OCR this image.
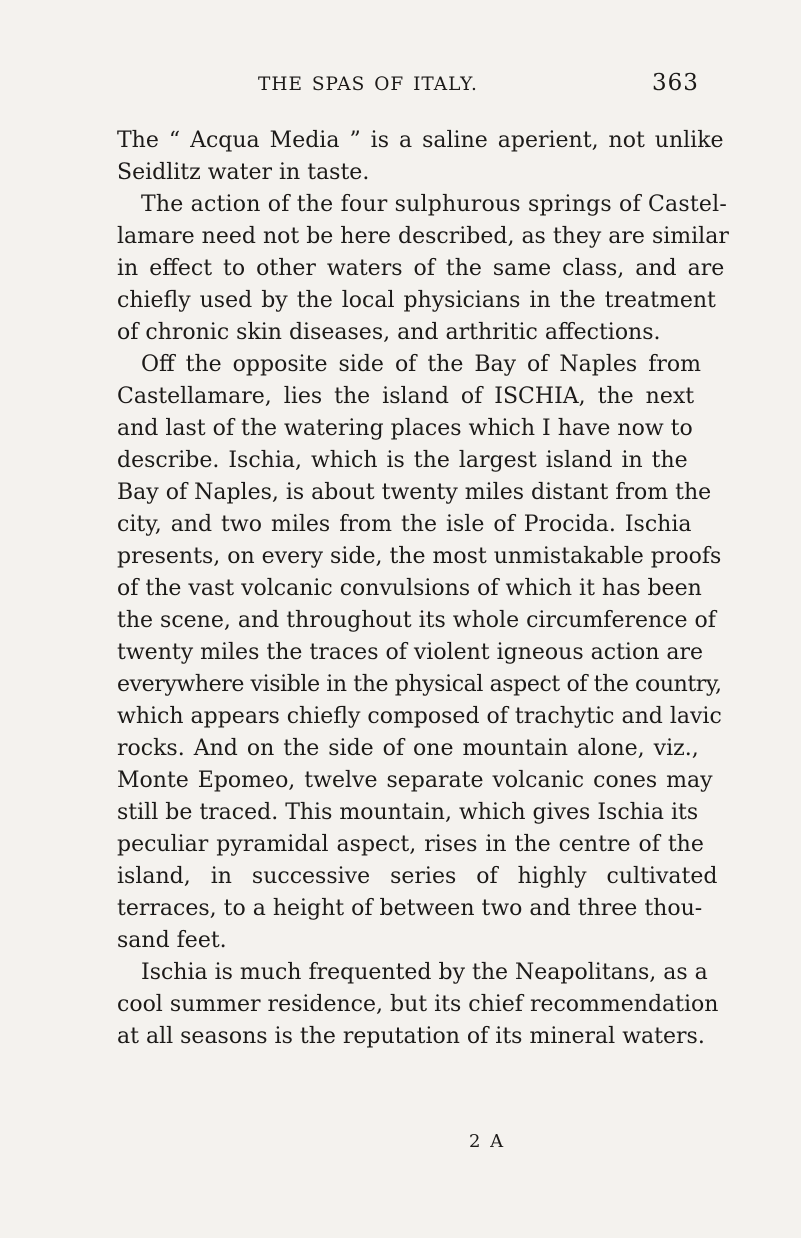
THE SPAS OF ITALY.	363
The “ Acqua Media ” is a saline aperient, not unlike
Seidlitz water in taste.
The action of the four sulphurous springs of Castel-
lamare need not be here described, as they are similar
in effect to other waters of the same class, and are
chiefly used by the local physicians in the treatment
of chronic skin diseases, and arthritic affections.
Off the opposite side of the Bay of Naples from
Castellamare, lies the island of ISCHIA, the next
and last of the watering places which I have now to
describe. Ischia, which is the largest island in the
Bay of Naples, is about twenty miles distant from the
city, and two miles from the isle of Procida. Ischia
presents, on every side, the most unmistakable proofs
of the vast volcanic convulsions of which it has been
the scene, and throughout its whole circumference of
twenty miles the traces of violent igneous action are
everywhere visible in the physical aspect of the country,
which appears chiefly composed of trachytic and lavic
rocks. And on the side of one mountain alone, viz.,
Monte Epomeo, twelve separate volcanic cones may
still be traced. This mountain, which gives Ischia its
peculiar pyramidal aspect, rises in the centre of the
island, in successive series of highly cultivated
terraces, to a height of between two and three thou-
sand feet.
Ischia is much frequented by the Neapolitans, as a
cool summer residence, but its chief recommendation
at all seasons is the reputation of its mineral waters.
2 A
